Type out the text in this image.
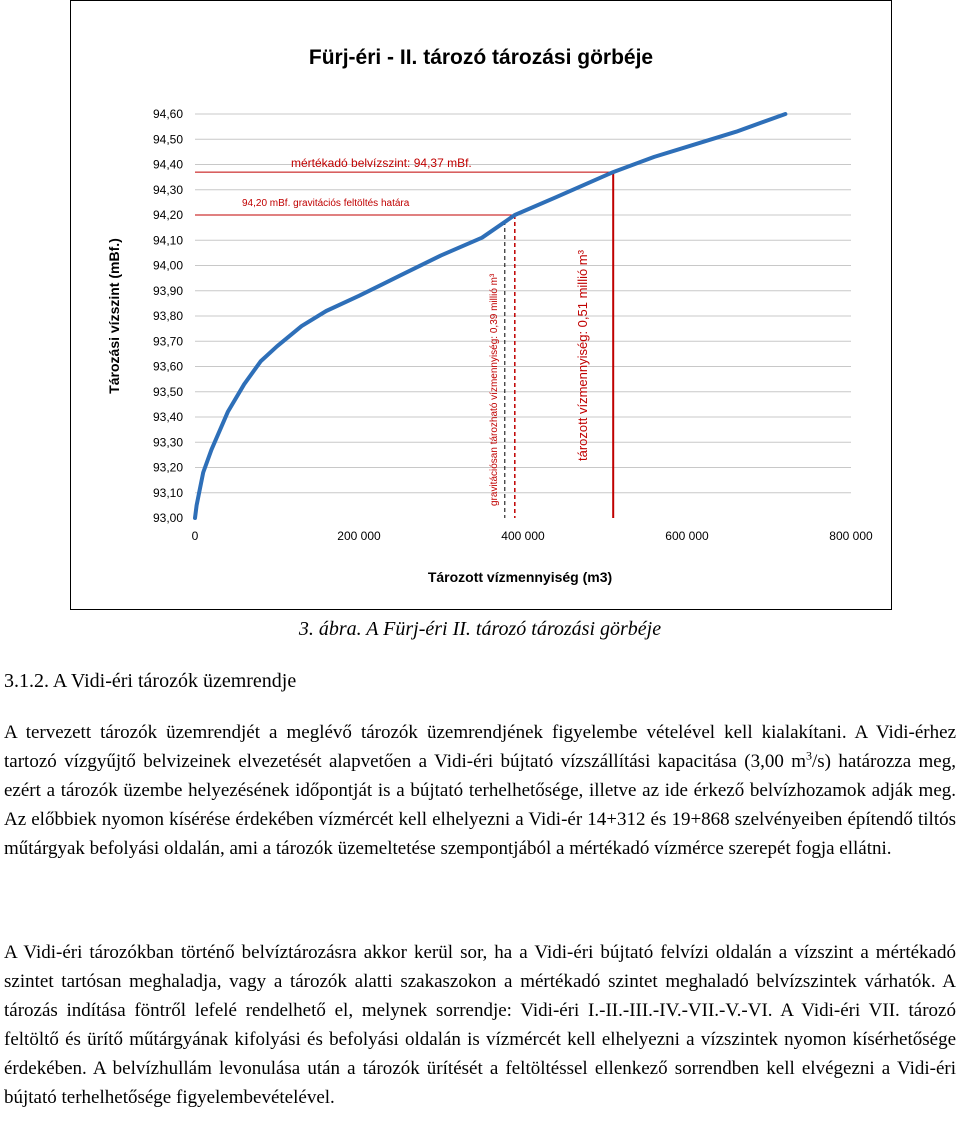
93,00
93,10
93,20
93,30
93,40
93,50
93,60
93,70
93,80
93,90
94,00
94,10
94,20
94,30
94,40
94,50
94,60
0	200 000	400 000	600 000	800 000
Fürj-éri - II. tározó tározási görbéje
Tározott vízmennyiség (m3)
Tározási vízszint (mBf.)
mértékadó belvízszint: 94,37 mBf.
94,20 mBf. gravitációs feltöltés határa
gravitációsan tározható vízmennyiség: 0,39 millió m³	tározott vízmennyiség: 0,51 millió m³
3. ábra. A Fürj-éri II. tározó tározási görbéje
3.1.2. A Vidi-éri tározók üzemrendje

A tervezett tározók üzemrendjét a meglévő tározók üzemrendjének figyelembe vételével kell kialakítani. A Vidi-érhez tartozó vízgyűjtő belvizeinek elvezetését alapvetően a Vidi-éri bújtató vízszállítási kapacitása (3,00 $m^3/s$) határozza meg, ezért a tározók üzembe helyezésének időpontját is a bújtató terhelhetősége, illetve az ide érkező belvízhozamok adják meg. Az előbbiek nyomon kísérése érdekében vízmércét kell elhelyezni a Vidi-ér 14+312 és 19+868 szelvényeiben építendő tiltós műtárgyak befolyási oldalán, ami a tározók üzemeltetése szempontjából a mértékadó vízmérce szerepét fogja ellátni.

A Vidi-éri tározókban történő belvíztározásra akkor kerül sor, ha a Vidi-éri bújtató felvízi oldalán a vízszint a mértékadó szintet tartósan meghaladja, vagy a tározók alatti szakaszokon a mértékadó szintet meghaladó belvízszintek várhatók. A tározás indítása föntről lefelé rendelhető el, melynek sorrendje: Vidi-éri I.-II.-III.-IV.-VII.-V.-VI. A Vidi-éri VII. tározó feltöltő és ürítő műtárgyának kifolyási és befolyási oldalán is vízmércét kell elhelyezni a vízszintek nyomon kísérhetősége érdekében. A belvízhullám levonulása után a tározók ürítését a feltöltéssel ellenkező sorrendben kell elvégezni a Vidi-éri bújtató terhelhetősége figyelembevételével.
